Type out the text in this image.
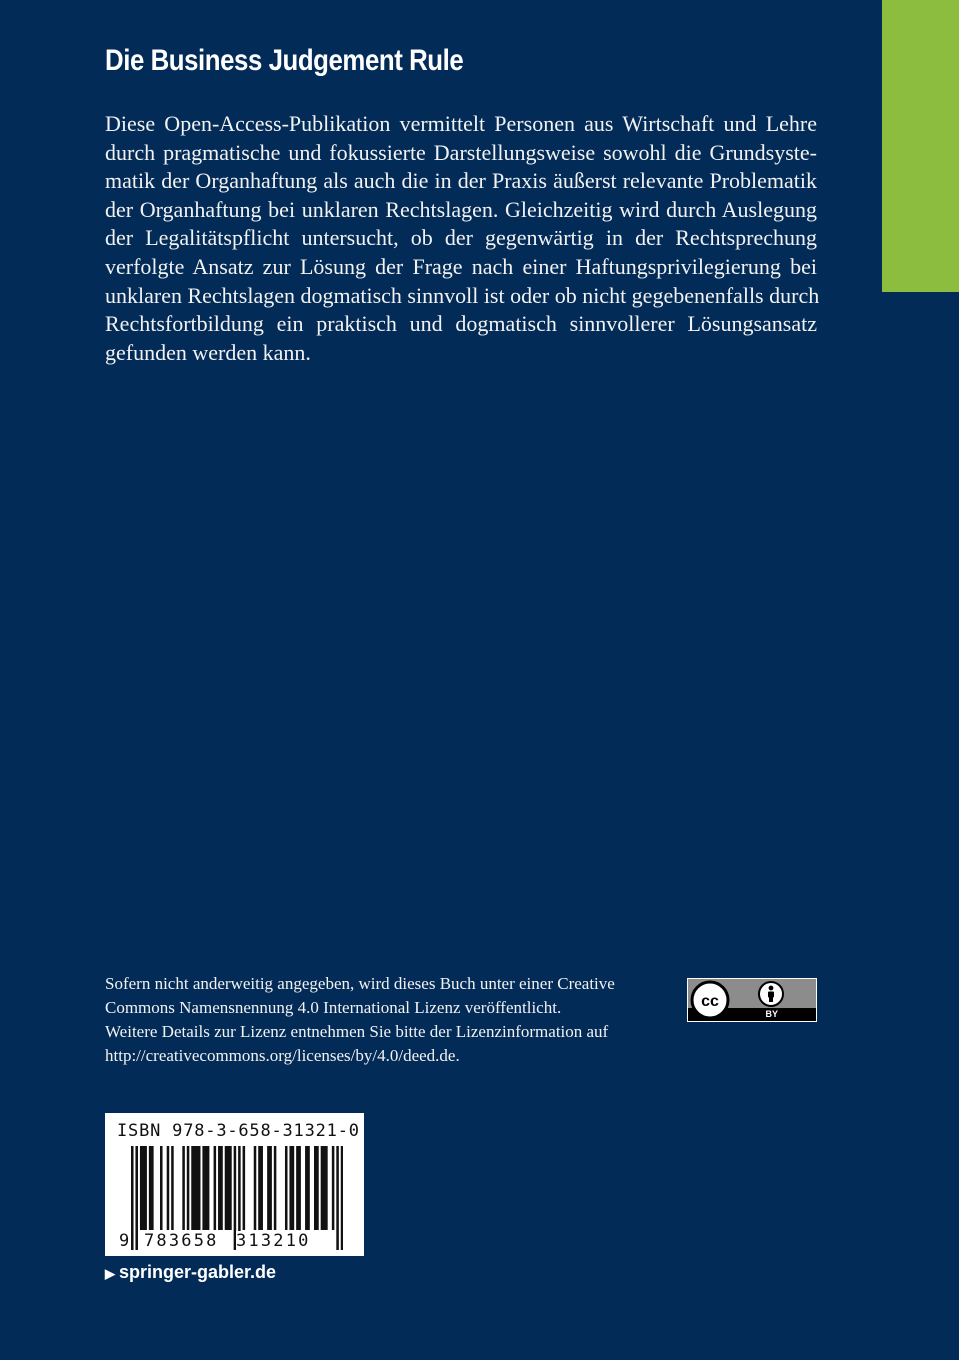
Die Business Judgement Rule
Diese Open-Access-Publikation vermittelt Personen aus Wirtschaft und Lehre
durch pragmatische und fokussierte Darstellungsweise sowohl die Grundsyste-
matik der Organhaftung als auch die in der Praxis äußerst relevante Problematik
der Organhaftung bei unklaren Rechtslagen. Gleichzeitig wird durch Auslegung
der Legalitätspflicht untersucht, ob der gegenwärtig in der Rechtsprechung
verfolgte Ansatz zur Lösung der Frage nach einer Haftungsprivilegierung bei
unklaren Rechtslagen dogmatisch sinnvoll ist oder ob nicht gegebenenfalls durch
Rechtsfortbildung ein praktisch und dogmatisch sinnvollerer Lösungsansatz
gefunden werden kann.
Sofern nicht anderweitig angegeben, wird dieses Buch unter einer Creative
Commons Namensnennung 4.0 International Lizenz veröffentlicht.
Weitere Details zur Lizenz entnehmen Sie bitte der Lizenzinformation auf
http://creativecommons.org/licenses/by/4.0/deed.de.
cc
BY
ISBN 978-3-658-31321-0
9 783658 313210
▶ springer-gabler.de
